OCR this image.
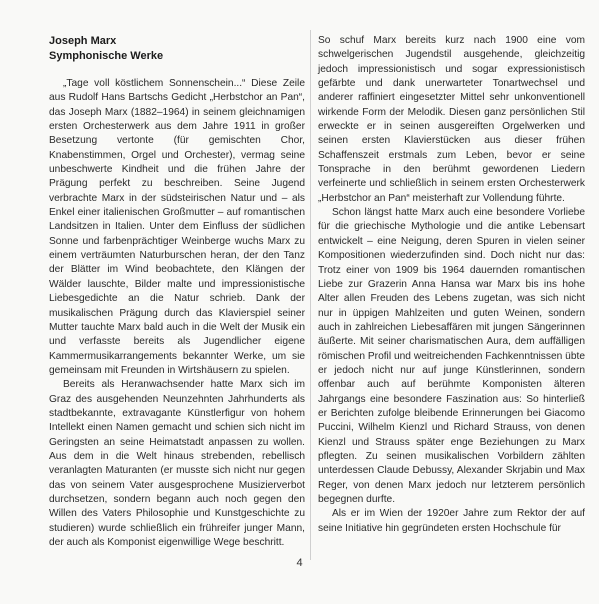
Joseph Marx
Symphonische Werke

„Tage voll köstlichem Sonnenschein...“ Diese Zeile aus Rudolf Hans Bartschs Gedicht „Herbstchor an Pan“, das Joseph Marx (1882–1964) in seinem gleichnamigen ersten Orchesterwerk aus dem Jahre 1911 in großer Besetzung vertonte (für gemischten Chor, Knabenstimmen, Orgel und Orchester), vermag seine unbeschwerte Kindheit und die frühen Jahre der Prägung perfekt zu beschreiben. Seine Jugend verbrachte Marx in der südsteirischen Natur und – als Enkel einer italienischen Großmutter – auf romantischen Landsitzen in Italien. Unter dem Einfluss der südlichen Sonne und farbenprächtiger Weinberge wuchs Marx zu einem verträumten Naturburschen heran, der den Tanz der Blätter im Wind beobachtete, den Klängen der Wälder lauschte, Bilder malte und impressionistische Liebesgedichte an die Natur schrieb. Dank der musikalischen Prägung durch das Klavierspiel seiner Mutter tauchte Marx bald auch in die Welt der Musik ein und verfasste bereits als Jugendlicher eigene Kammermusikarrangements bekannter Werke, um sie gemeinsam mit Freunden in Wirtshäusern zu spielen.

Bereits als Heranwachsender hatte Marx sich im Graz des ausgehenden Neunzehnten Jahrhunderts als stadtbekannte, extravagante Künstlerfigur von hohem Intellekt einen Namen gemacht und schien sich nicht im Geringsten an seine Heimatstadt anpassen zu wollen. Aus dem in die Welt hinaus strebenden, rebellisch veranlagten Maturanten (er musste sich nicht nur gegen das von seinem Vater ausgesprochene Musizierverbot durchsetzen, sondern begann auch noch gegen den Willen des Vaters Philosophie und Kunstgeschichte zu studieren) wurde schließlich ein frühreifer junger Mann, der auch als Komponist eigenwillige Wege beschritt.

So schuf Marx bereits kurz nach 1900 eine vom schwelgerischen Jugendstil ausgehende, gleichzeitig jedoch impressionistisch und sogar expressionistisch gefärbte und dank unerwarteter Tonartwechsel und anderer raffiniert eingesetzter Mittel sehr unkonventionell wirkende Form der Melodik. Diesen ganz persönlichen Stil erweckte er in seinen ausgereiften Orgelwerken und seinen ersten Klavierstücken aus dieser frühen Schaffenszeit erstmals zum Leben, bevor er seine Tonsprache in den berühmt gewordenen Liedern verfeinerte und schließlich in seinem ersten Orchesterwerk „Herbstchor an Pan“ meisterhaft zur Vollendung führte.

Schon längst hatte Marx auch eine besondere Vorliebe für die griechische Mythologie und die antike Lebensart entwickelt – eine Neigung, deren Spuren in vielen seiner Kompositionen wiederzufinden sind. Doch nicht nur das: Trotz einer von 1909 bis 1964 dauernden romantischen Liebe zur Grazerin Anna Hansa war Marx bis ins hohe Alter allen Freuden des Lebens zugetan, was sich nicht nur in üppigen Mahlzeiten und guten Weinen, sondern auch in zahlreichen Liebesaffären mit jungen Sängerinnen äußerte. Mit seiner charismatischen Aura, dem auffälligen römischen Profil und weitreichenden Fachkenntnissen übte er jedoch nicht nur auf junge Künstlerinnen, sondern offenbar auch auf berühmte Komponisten älteren Jahrgangs eine besondere Faszination aus: So hinterließ er Berichten zufolge bleibende Erinnerungen bei Giacomo Puccini, Wilhelm Kienzl und Richard Strauss, von denen Kienzl und Strauss später enge Beziehungen zu Marx pflegten. Zu seinen musikalischen Vorbildern zählten unterdessen Claude Debussy, Alexander Skrjabin und Max Reger, von denen Marx jedoch nur letzterem persönlich begegnen durfte.

Als er im Wien der 1920er Jahre zum Rektor der auf seine Initiative hin gegründeten ersten Hochschule für

4
